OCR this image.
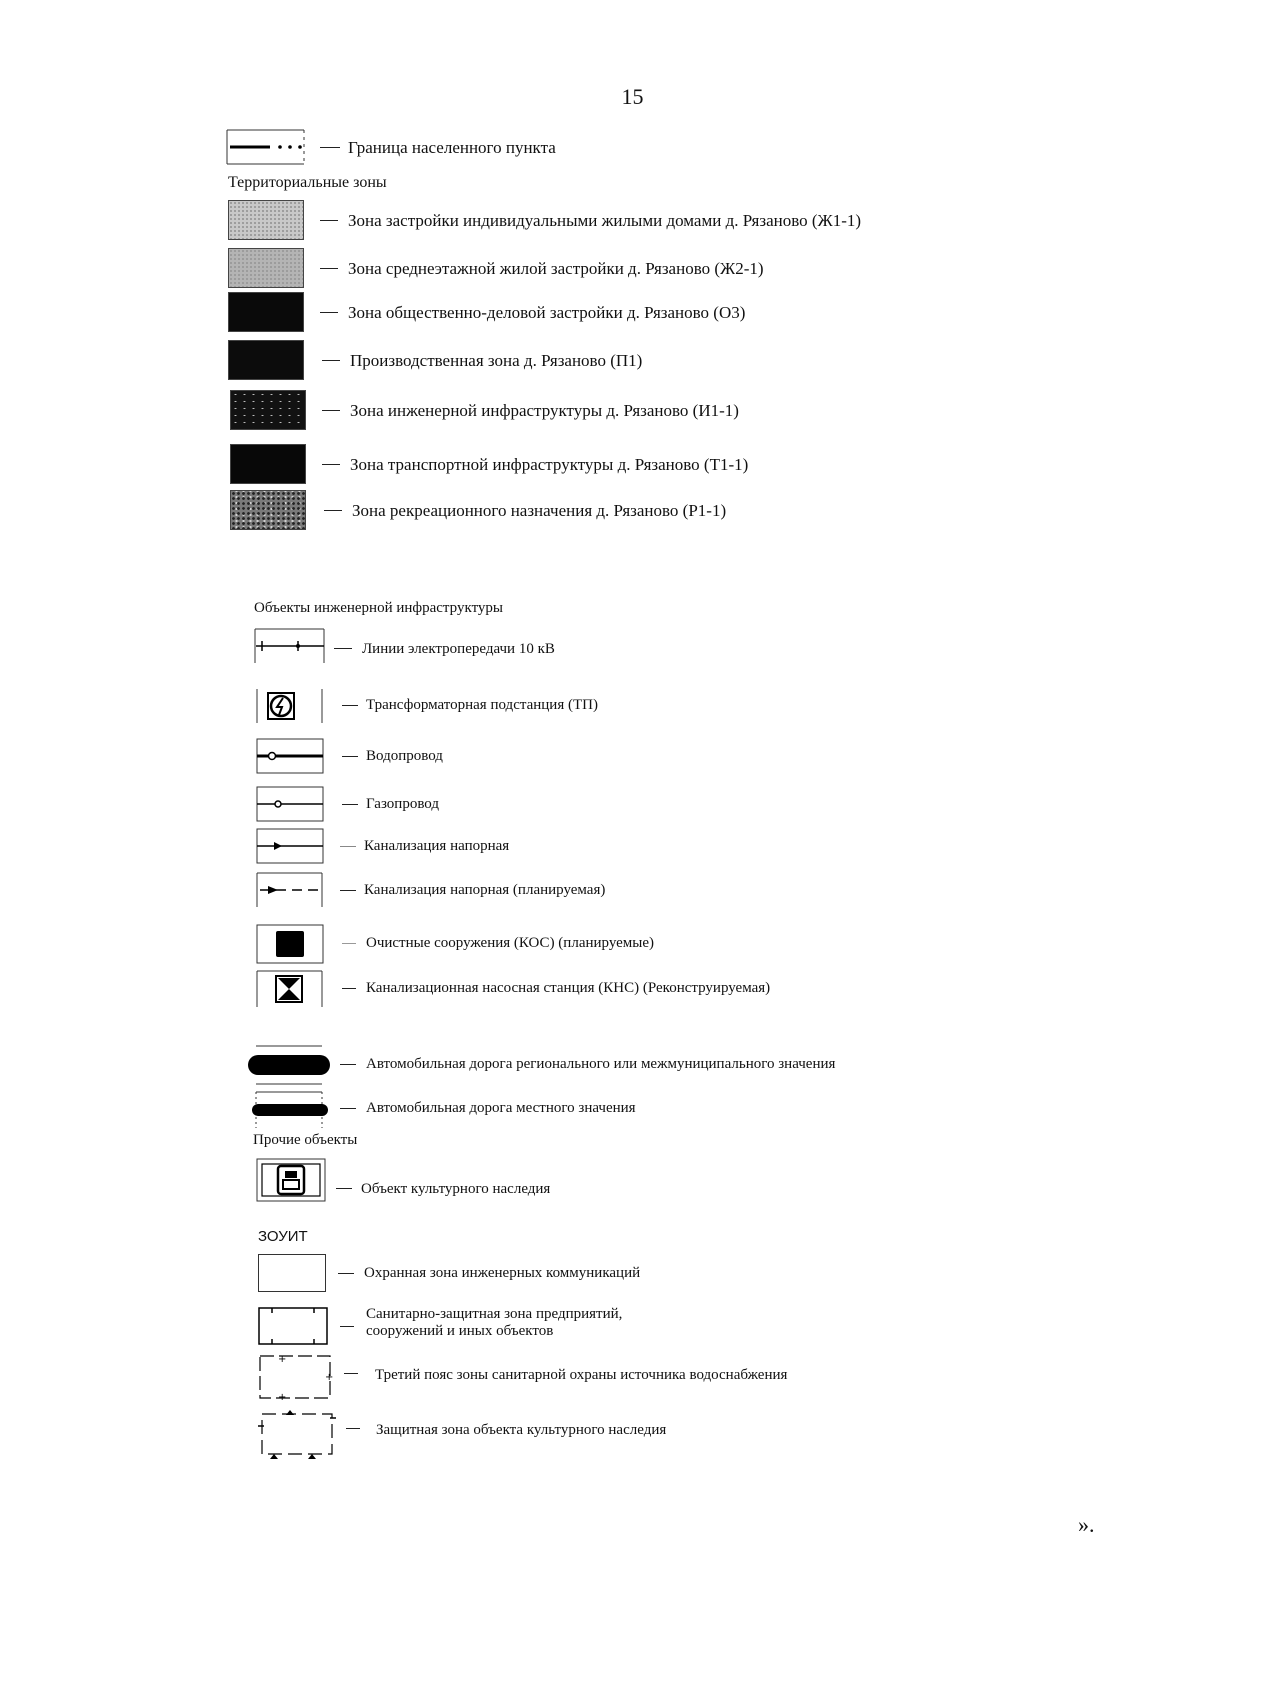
15
Граница населенного пункта
Территориальные зоны
Зона застройки индивидуальными жилыми домами д. Рязаново (Ж1-1)
Зона среднеэтажной жилой застройки д. Рязаново (Ж2-1)
Зона общественно-деловой застройки д. Рязаново (О3)
Производственная зона д. Рязаново (П1)
Зона инженерной инфраструктуры д. Рязаново (И1-1)
Зона транспортной инфраструктуры д. Рязаново (Т1-1)
Зона рекреационного назначения д. Рязаново (Р1-1)
Объекты инженерной инфраструктуры
Линии электропередачи 10 кВ
Трансформаторная подстанция (ТП)
Водопровод
Газопровод
Канализация напорная
Канализация напорная (планируемая)
Очистные сооружения (КОС) (планируемые)
Канализационная насосная станция (КНС) (Реконструируемая)
Автомобильная дорога регионального или межмуниципального значения
Автомобильная дорога местного значения
Прочие объекты
Объект культурного наследия
ЗОУИТ
Охранная зона инженерных коммуникаций
Санитарно-защитная зона предприятий,
сооружений и иных объектов
+
+
+	Третий пояс зоны санитарной охраны источника водоснабжения
Защитная зона объекта культурного наследия
».
